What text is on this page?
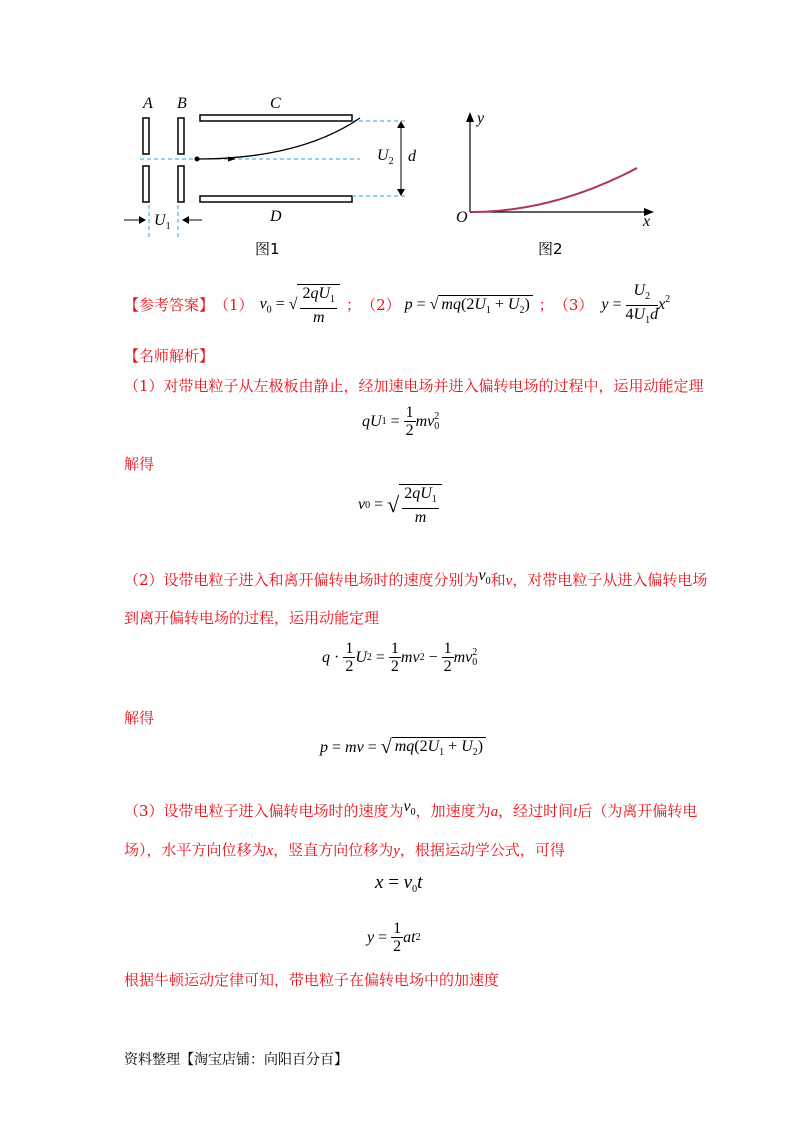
A B	C
D
$U_1$
$U_2$ d
图1
y
x
O
图2
【参考答案】 （1） $v_0$ = √ $\frac{2qU_1}{m}$ ； （2） p = √ $mq(2U_1 + U_2)$ ； （3） $y = \frac{U_2}{4U_1d} x^2$
【名师解析】
（1）对带电粒子从左极板由静止，经加速电场并进入偏转电场的过程中，运用动能定理
qU $1 = \frac{1}{2}$ mv 2
0
解得
v 0 = √ $\frac{2qU_1}{m}$
（2）设带电粒子进入和离开偏转电场时的速度分别为$v_0$和v，对带电粒子从进入偏转电场
到离开偏转电场的过程，运用动能定理
$q \cdot \frac{1}{2}$ U $2 = \frac{1}{2}$ mv $2 - \frac{1}{2}$ mv 2
0
解得
p = mv = √ $mq(2U_1 + U_2)$
（3）设带电粒子进入偏转电场时的速度为$v_0$，加速度为a，经过时间t后（为离开偏转电
场），水平方向位移为x，竖直方向位移为y，根据运动学公式，可得
$x = v_0t$
$y = \frac{1}{2}$ at 2
根据牛顿运动定律可知，带电粒子在偏转电场中的加速度
资料整理【淘宝店铺：向阳百分百】
